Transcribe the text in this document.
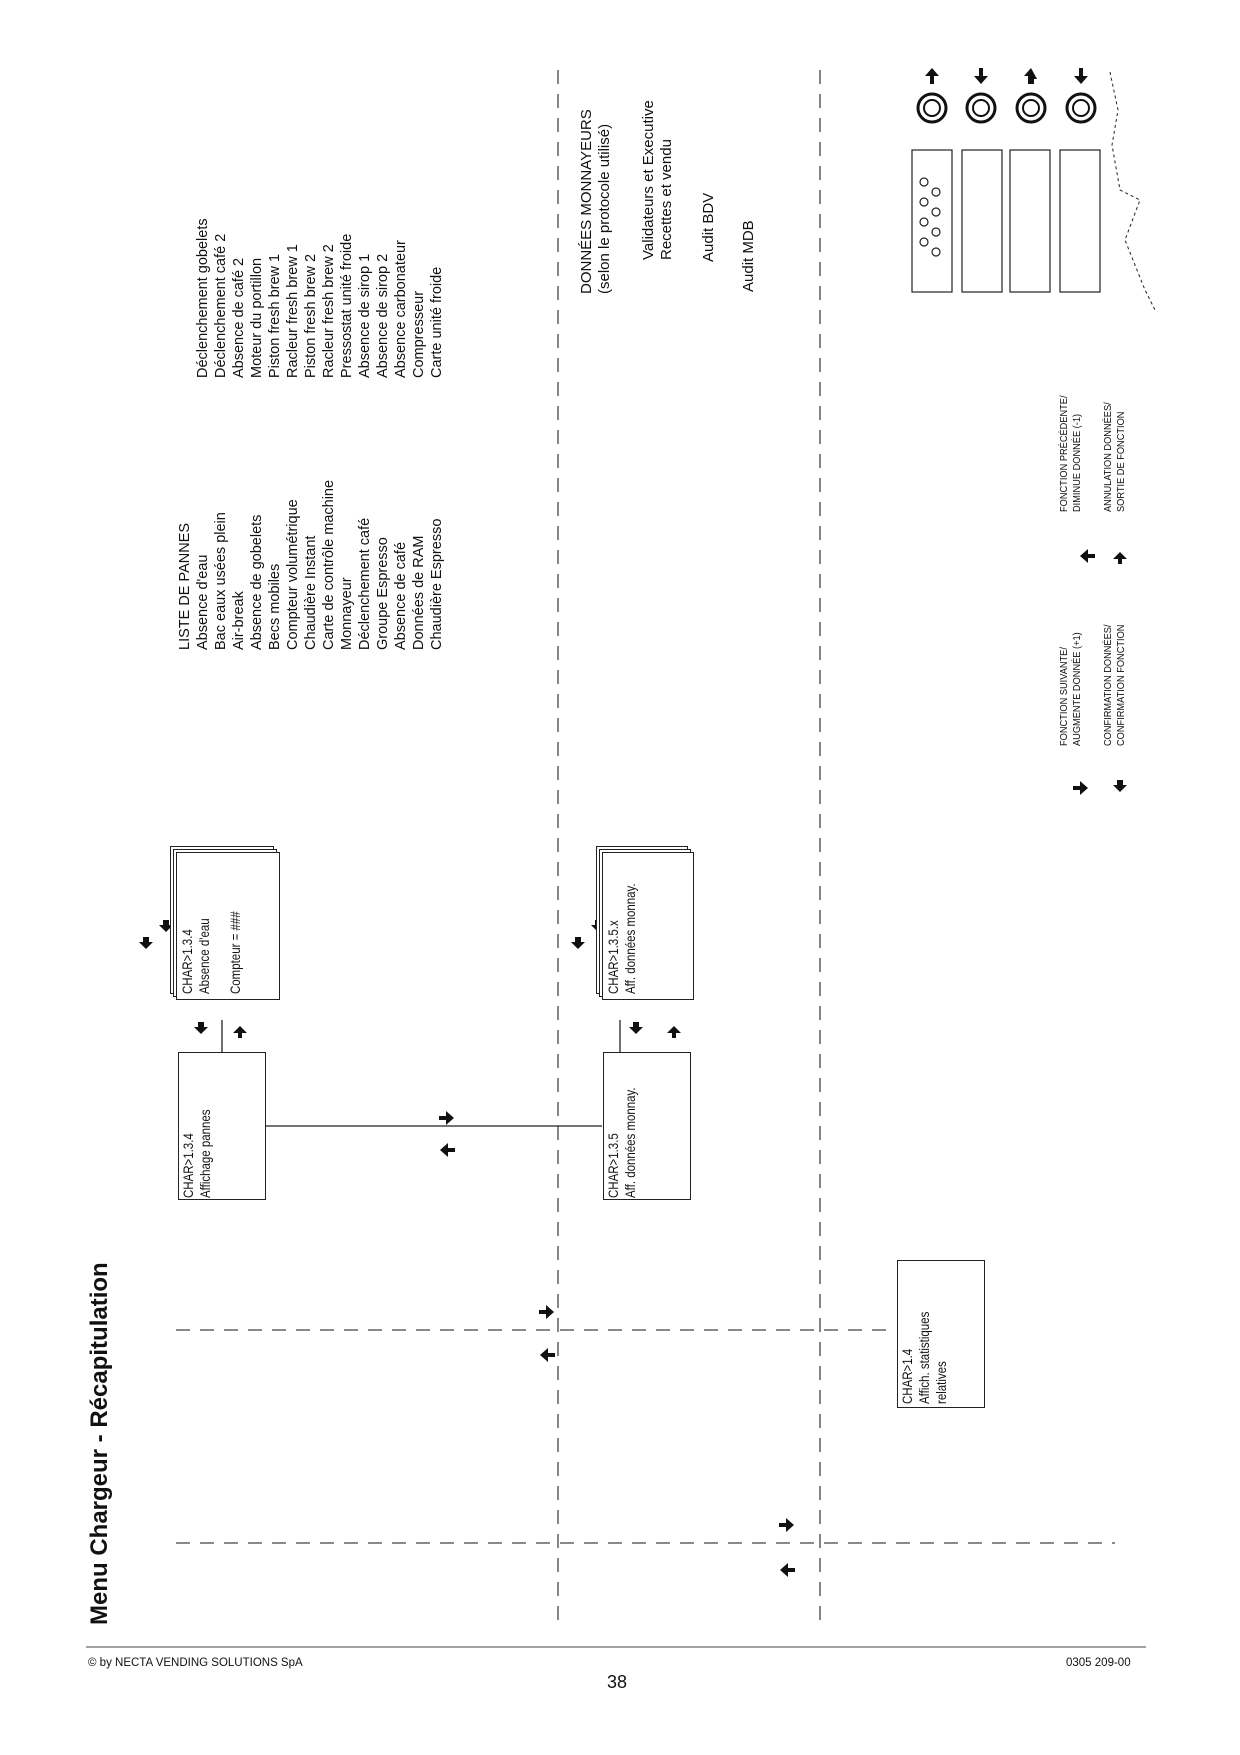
Menu Chargeur - Récapitulation
LISTE DE PANNES Absence d'eau Bac eaux usées plein Air-break Absence de gobelets Becs mobiles Compteur volumétrique Chaudière Instant Carte de contrôle machine Monnayeur Déclenchement café Groupe Espresso Absence de café Données de RAM Chaudière Espresso
Déclenchement gobelets Déclenchement café 2 Absence de café 2 Moteur du portillon Piston fresh brew 1 Racleur fresh brew 1 Piston fresh brew 2 Racleur fresh brew 2 Pressostat unité froide Absence de sirop 1 Absence de sirop 2 Absence carbonateur Compresseur Carte unité froide
DONNÉES MONNAYEURS (selon le protocole utilisé) Validateurs et Executive Recettes et vendu Audit BDV Audit MDB
CHAR>1.3.4 Affichage pannes
CHAR>1.3.4 Absence d'eau Compteur = ###
CHAR>1.3.5 Aff. données monnay.
CHAR>1.3.5.x Aff. données monnay.
CHAR>1.4 Affich. statistiques relatives
FONCTION SUIVANTE/ AUGMENTE DONNÉE (+1)
FONCTION PRÉCÉDENTE/ DIMINUE DONNÉE (-1)
CONFIRMATION DONNÉES/ CONFIRMATION FONCTION
ANNULATION DONNÉES/ SORTIE DE FONCTION
© by NECTA VENDING SOLUTIONS SpA
38
0305 209-00
